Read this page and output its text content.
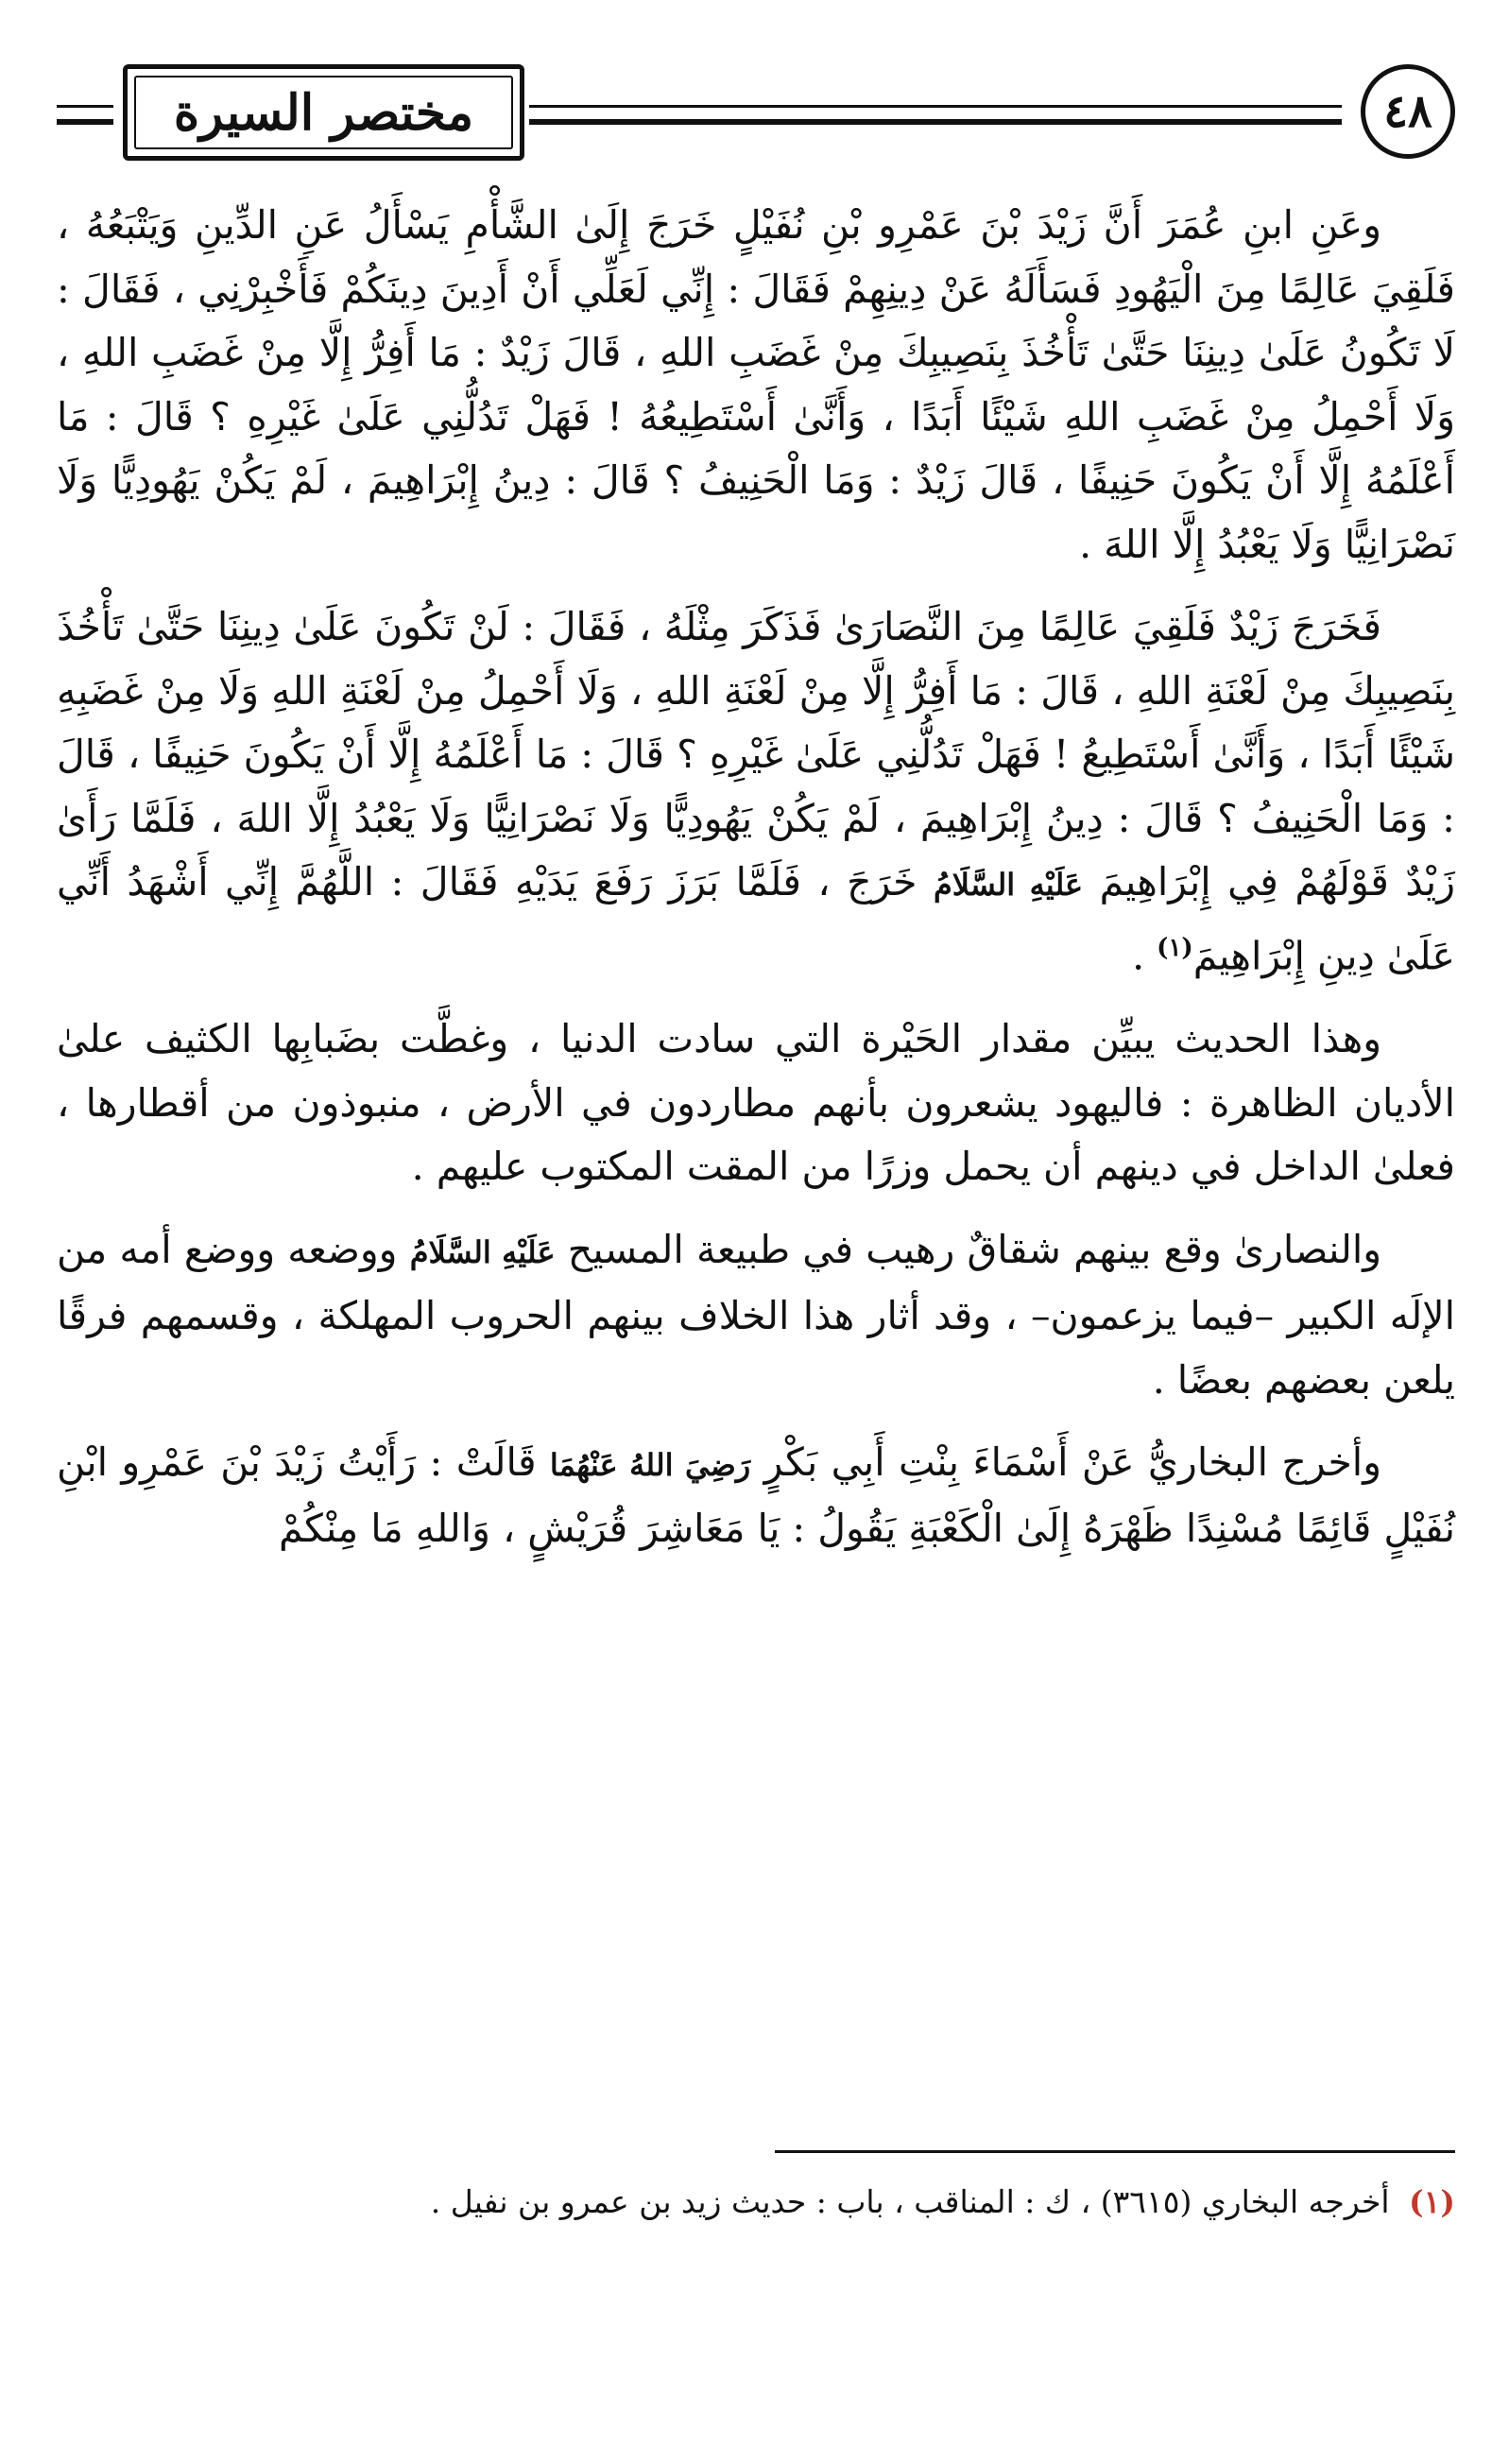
مختصر السيرة	٤٨

وعَنِ ابنِ عُمَرَ أَنَّ زَيْدَ بْنَ عَمْرِو بْنِ نُفَيْلٍ خَرَجَ إِلَىٰ الشَّأْمِ يَسْأَلُ عَنِ الدِّينِ وَيَتْبَعُهُ ، فَلَقِيَ عَالِمًا مِنَ الْيَهُودِ فَسَأَلَهُ عَنْ دِينِهِمْ فَقَالَ : إِنِّي لَعَلِّي أَنْ أَدِينَ دِينَكُمْ فَأَخْبِرْنِي ، فَقَالَ : لَا تَكُونُ عَلَىٰ دِينِنَا حَتَّىٰ تَأْخُذَ بِنَصِيبِكَ مِنْ غَضَبِ اللهِ ، قَالَ زَيْدٌ : مَا أَفِرُّ إِلَّا مِنْ غَضَبِ اللهِ ، وَلَا أَحْمِلُ مِنْ غَضَبِ اللهِ شَيْئًا أَبَدًا ، وَأَنَّىٰ أَسْتَطِيعُهُ ! فَهَلْ تَدُلُّنِي عَلَىٰ غَيْرِهِ ؟ قَالَ : مَا أَعْلَمُهُ إِلَّا أَنْ يَكُونَ حَنِيفًا ، قَالَ زَيْدٌ : وَمَا الْحَنِيفُ ؟ قَالَ : دِينُ إِبْرَاهِيمَ ، لَمْ يَكُنْ يَهُودِيًّا وَلَا نَصْرَانِيًّا وَلَا يَعْبُدُ إِلَّا اللهَ .

فَخَرَجَ زَيْدٌ فَلَقِيَ عَالِمًا مِنَ النَّصَارَىٰ فَذَكَرَ مِثْلَهُ ، فَقَالَ : لَنْ تَكُونَ عَلَىٰ دِينِنَا حَتَّىٰ تَأْخُذَ بِنَصِيبِكَ مِنْ لَعْنَةِ اللهِ ، قَالَ : مَا أَفِرُّ إِلَّا مِنْ لَعْنَةِ اللهِ ، وَلَا أَحْمِلُ مِنْ لَعْنَةِ اللهِ وَلَا مِنْ غَضَبِهِ شَيْئًا أَبَدًا ، وَأَنَّىٰ أَسْتَطِيعُ ! فَهَلْ تَدُلُّنِي عَلَىٰ غَيْرِهِ ؟ قَالَ : مَا أَعْلَمُهُ إِلَّا أَنْ يَكُونَ حَنِيفًا ، قَالَ : وَمَا الْحَنِيفُ ؟ قَالَ : دِينُ إِبْرَاهِيمَ ، لَمْ يَكُنْ يَهُودِيًّا وَلَا نَصْرَانِيًّا وَلَا يَعْبُدُ إِلَّا اللهَ ، فَلَمَّا رَأَىٰ زَيْدٌ قَوْلَهُمْ فِي إِبْرَاهِيمَ عَلَيْهِ السَّلَامُ خَرَجَ ، فَلَمَّا بَرَزَ رَفَعَ يَدَيْهِ فَقَالَ : اللَّهُمَّ إِنِّي أَشْهَدُ أَنِّي عَلَىٰ دِينِ إِبْرَاهِيمَ$^{(١)}$ .

وهذا الحديث يبيِّن مقدار الحَيْرة التي سادت الدنيا ، وغطَّت بضَبابِها الكثيف علىٰ الأديان الظاهرة : فاليهود يشعرون بأنهم مطاردون في الأرض ، منبوذون من أقطارها ، فعلىٰ الداخل في دينهم أن يحمل وزرًا من المقت المكتوب عليهم .

والنصارىٰ وقع بينهم شقاقٌ رهيب في طبيعة المسيح عَلَيْهِ السَّلَامُ ووضعه ووضع أمه من الإلَه الكبير –فيما يزعمون– ، وقد أثار هذا الخلاف بينهم الحروب المهلكة ، وقسمهم فرقًا يلعن بعضهم بعضًا .

وأخرج البخاريُّ عَنْ أَسْمَاءَ بِنْتِ أَبِي بَكْرٍ رَضِيَ اللهُ عَنْهُمَا قَالَتْ : رَأَيْتُ زَيْدَ بْنَ عَمْرِو ابْنِ نُفَيْلٍ قَائِمًا مُسْنِدًا ظَهْرَهُ إِلَىٰ الْكَعْبَةِ يَقُولُ : يَا مَعَاشِرَ قُرَيْشٍ ، وَاللهِ مَا مِنْكُمْ

(١) أخرجه البخاري (٣٦١٥) ، ك : المناقب ، باب : حديث زيد بن عمرو بن نفيل .
